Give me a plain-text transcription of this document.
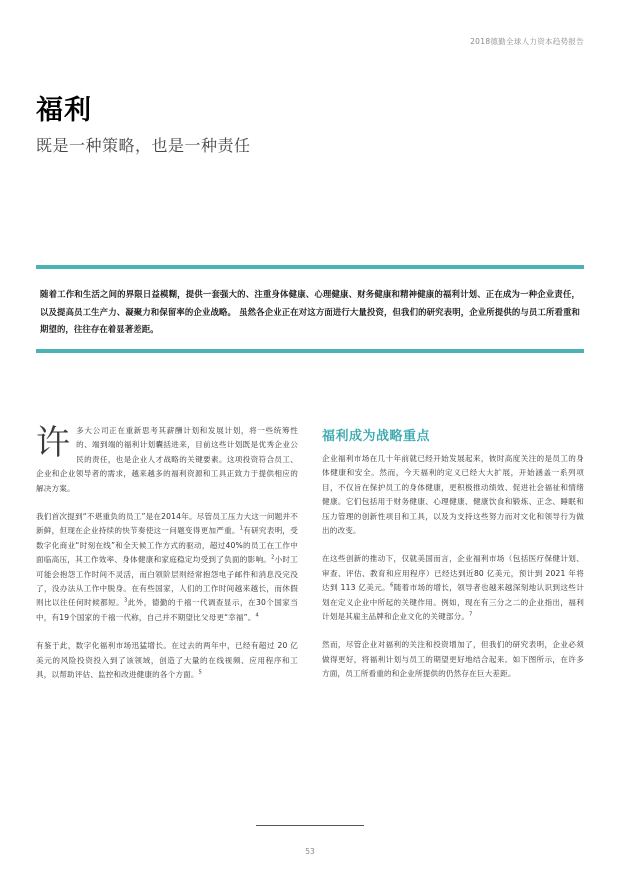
2018德勤全球人力资本趋势报告
福利
既是一种策略，也是一种责任

随着工作和生活之间的界限日益模糊，提供一套强大的、注重身体健康、心理健康、财务健康和精神健康的福利计划、正在成为一种企业责任，以及提高员工生产力、凝聚力和保留率的企业战略。 虽然各企业正在对这方面进行大量投资，但我们的研究表明，企业所提供的与员工所看重和期望的，往往存在着显著差距。

许多大公司正在重新思考其薪酬计划和发展计划，将一些统筹性的、端到端的福利计划囊括进来，目前这些计划既是优秀企业公民的责任，也是企业人才战略的关键要素。这项投资符合员工、企业和企业领导者的需求，越来越多的福利资源和工具正致力于提供相应的解决方案。

我们首次提到“不堪重负的员工”是在2014年。尽管员工压力大这一问题并不新鲜，但现在企业持续的快节奏使这一问题变得更加严重。$^1$有研究表明，受数字化商业“时刻在线”和全天候工作方式的驱动，超过40%的员工在工作中面临高压，其工作效率、身体健康和家庭稳定均受到了负面的影响。$^2$小时工可能会抱怨工作时间不灵活，而白领阶层则经常抱怨电子邮件和消息没完没了，没办法从工作中脱身。在有些国家，人们的工作时间越来越长，而休假则比以往任何时候都短。$^3$此外，德勤的千禧一代调查显示，在30个国家当中，有19个国家的千禧一代称，自己并不期望比父母更“幸福”。$^4$

有鉴于此，数字化福利市场迅猛增长。在过去的两年中，已经有超过 20 亿美元的风险投资投入到了该领域，创造了大量的在线视频、应用程序和工具，以帮助评估、监控和改进健康的各个方面。$^5$

福利成为战略重点

企业福利市场在几十年前就已经开始发展起来，彼时高度关注的是员工的身体健康和安全。然而，今天福利的定义已经大大扩展，开始涵盖一系列项目，不仅旨在保护员工的身体健康，更积极推动绩效、促进社会福祉和情绪健康。它们包括用于财务健康、心理健康、健康饮食和锻炼、正念、睡眠和压力管理的创新性项目和工具，以及为支持这些努力而对文化和领导行为做出的改变。

在这些创新的推动下，仅就美国而言，企业福利市场（包括医疗保健计划、审查、评估、教育和应用程序）已经达到近80 亿美元，预计到 2021 年将达到 113 亿美元。$^6$随着市场的增长，领导者也越来越深刻地认识到这些计划在定义企业中所起的关键作用。例如，现在有三分之二的企业指出，福利计划是其雇主品牌和企业文化的关键部分。$^7$

然而，尽管企业对福利的关注和投资增加了，但我们的研究表明，企业必须做得更好，将福利计划与员工的期望更好地结合起来。如下图所示，在许多方面，员工所看重的和企业所提供的仍然存在巨大差距。

53
